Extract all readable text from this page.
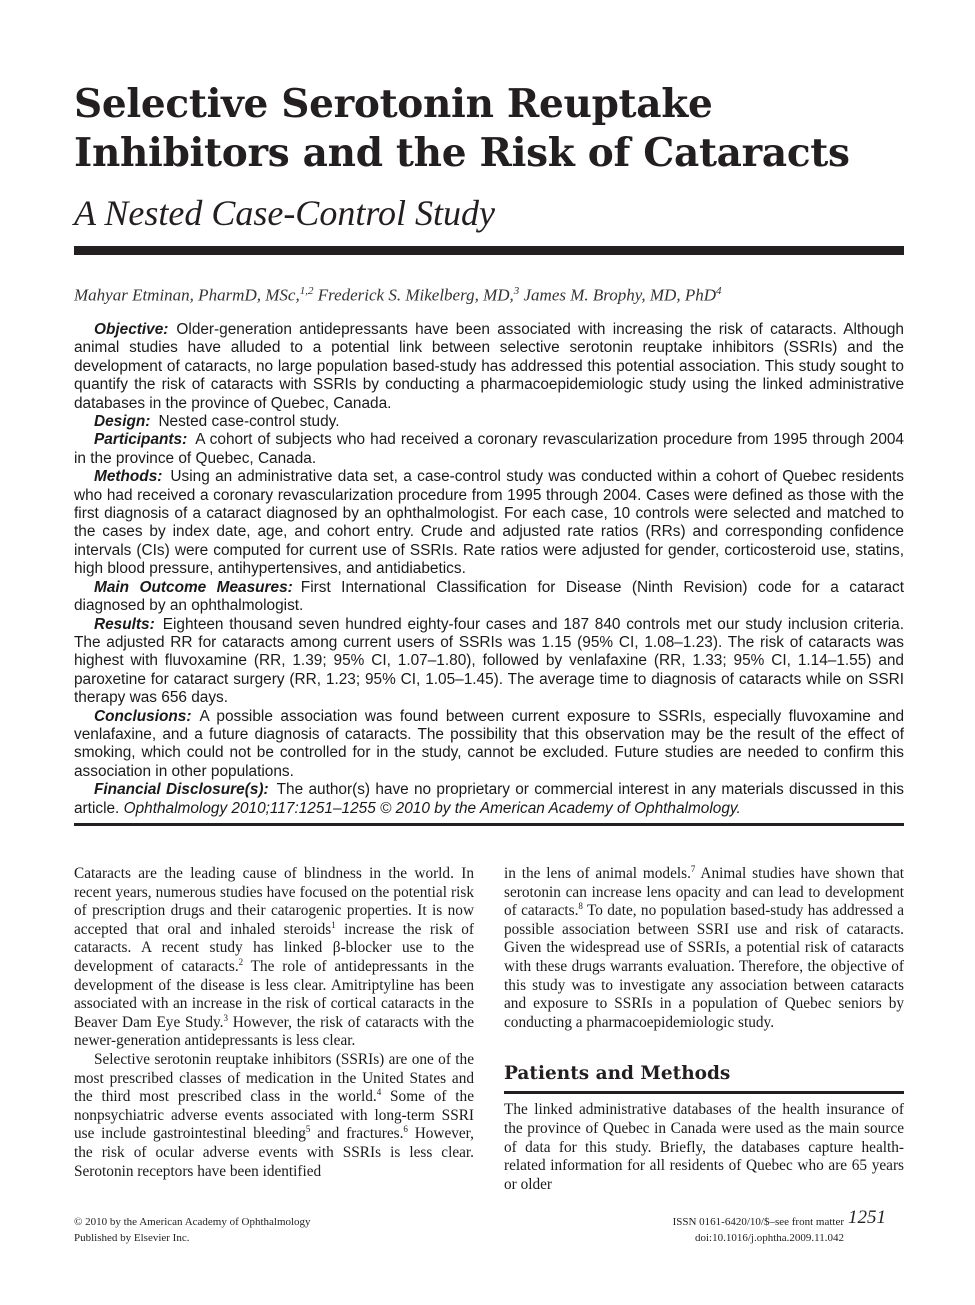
Selective Serotonin Reuptake Inhibitors and the Risk of Cataracts
A Nested Case-Control Study
Mahyar Etminan, PharmD, MSc,$^{1,2}$ Frederick S. Mikelberg, MD,$^3$ James M. Brophy, MD, PhD$^4$

Objective: Older-generation antidepressants have been associated with increasing the risk of cataracts. Although animal studies have alluded to a potential link between selective serotonin reuptake inhibitors (SSRIs) and the development of cataracts, no large population based-study has addressed this potential association. This study sought to quantify the risk of cataracts with SSRIs by conducting a pharmacoepidemiologic study using the linked administrative databases in the province of Quebec, Canada.

Design: Nested case-control study.

Participants: A cohort of subjects who had received a coronary revascularization procedure from 1995 through 2004 in the province of Quebec, Canada.

Methods: Using an administrative data set, a case-control study was conducted within a cohort of Quebec residents who had received a coronary revascularization procedure from 1995 through 2004. Cases were defined as those with the first diagnosis of a cataract diagnosed by an ophthalmologist. For each case, 10 controls were selected and matched to the cases by index date, age, and cohort entry. Crude and adjusted rate ratios (RRs) and corresponding confidence intervals (CIs) were computed for current use of SSRIs. Rate ratios were adjusted for gender, corticosteroid use, statins, high blood pressure, antihypertensives, and antidiabetics.

Main Outcome Measures: First International Classification for Disease (Ninth Revision) code for a cataract diagnosed by an ophthalmologist.

Results: Eighteen thousand seven hundred eighty-four cases and 187 840 controls met our study inclusion criteria. The adjusted RR for cataracts among current users of SSRIs was 1.15 (95% CI, 1.08–1.23). The risk of cataracts was highest with fluvoxamine (RR, 1.39; 95% CI, 1.07–1.80), followed by venlafaxine (RR, 1.33; 95% CI, 1.14–1.55) and paroxetine for cataract surgery (RR, 1.23; 95% CI, 1.05–1.45). The average time to diagnosis of cataracts while on SSRI therapy was 656 days.

Conclusions: A possible association was found between current exposure to SSRIs, especially fluvoxamine and venlafaxine, and a future diagnosis of cataracts. The possibility that this observation may be the result of the effect of smoking, which could not be controlled for in the study, cannot be excluded. Future studies are needed to confirm this association in other populations.

Financial Disclosure(s): The author(s) have no proprietary or commercial interest in any materials discussed in this article. Ophthalmology 2010;117:1251–1255 © 2010 by the American Academy of Ophthalmology.

Cataracts are the leading cause of blindness in the world. In recent years, numerous studies have focused on the potential risk of prescription drugs and their catarogenic properties. It is now accepted that oral and inhaled steroids$^1$ increase the risk of cataracts. A recent study has linked β-blocker use to the development of cataracts.$^2$ The role of antidepressants in the development of the disease is less clear. Amitriptyline has been associated with an increase in the risk of cortical cataracts in the Beaver Dam Eye Study.$^3$ However, the risk of cataracts with the newer-generation antidepressants is less clear.

Selective serotonin reuptake inhibitors (SSRIs) are one of the most prescribed classes of medication in the United States and the third most prescribed class in the world.$^4$ Some of the nonpsychiatric adverse events associated with long-term SSRI use include gastrointestinal bleeding$^5$ and fractures.$^6$ However, the risk of ocular adverse events with SSRIs is less clear. Serotonin receptors have been identified

in the lens of animal models.$^7$ Animal studies have shown that serotonin can increase lens opacity and can lead to development of cataracts.$^8$ To date, no population based-study has addressed a possible association between SSRI use and risk of cataracts. Given the widespread use of SSRIs, a potential risk of cataracts with these drugs warrants evaluation. Therefore, the objective of this study was to investigate any association between cataracts and exposure to SSRIs in a population of Quebec seniors by conducting a pharmacoepidemiologic study.

Patients and Methods

The linked administrative databases of the health insurance of the province of Quebec in Canada were used as the main source of data for this study. Briefly, the databases capture health-related information for all residents of Quebec who are 65 years or older

© 2010 by the American Academy of Ophthalmology
Published by Elsevier Inc.
ISSN 0161-6420/10/$–see front matter
doi:10.1016/j.ophtha.2009.11.042
1251
